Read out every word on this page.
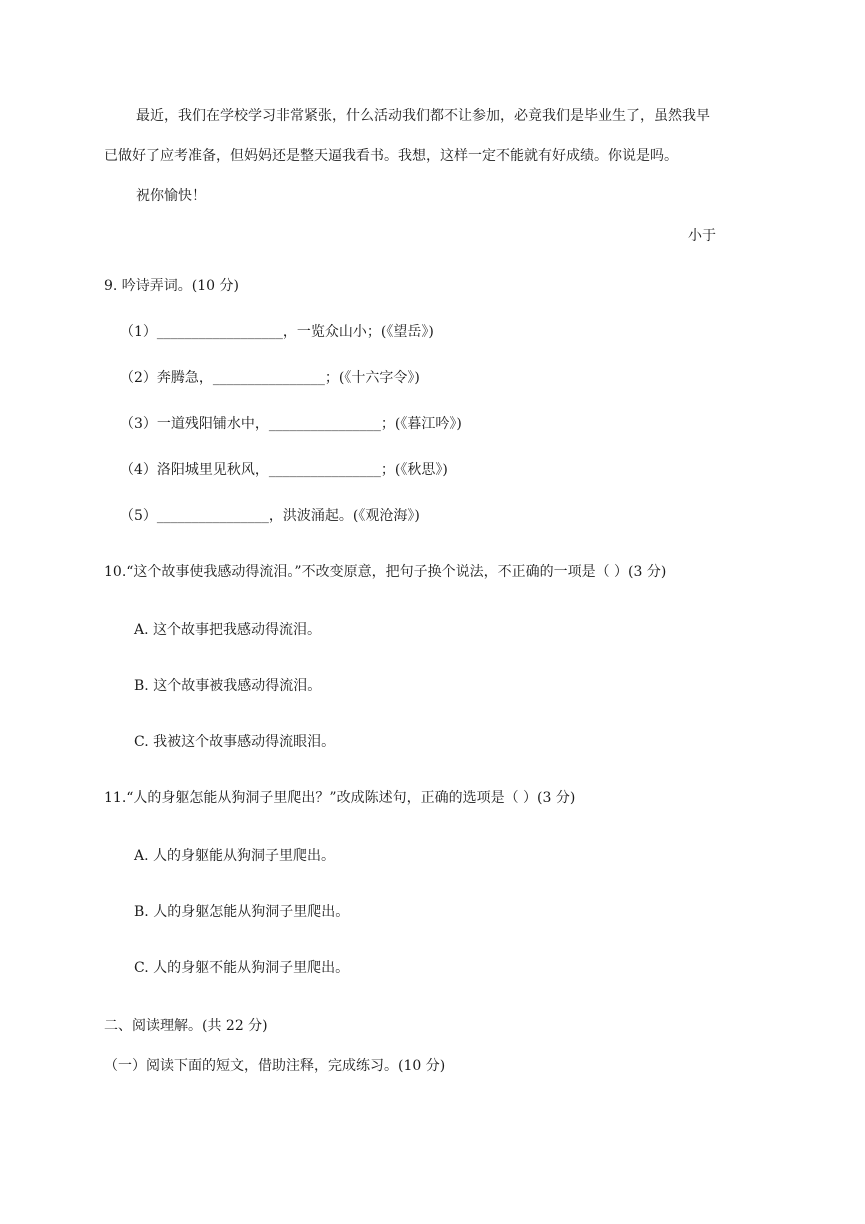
最近，我们在学校学习非常紧张，什么活动我们都不让参加，必竟我们是毕业生了，虽然我早
已做好了应考准备，但妈妈还是整天逼我看书。我想，这样一定不能就有好成绩。你说是吗。
祝你愉快！
小于
9. 吟诗弄词。(10 分)
（1）__________________，一览众山小；(《望岳》)
（2）奔腾急，________________；(《十六字令》)
（3）一道残阳铺水中，________________；(《暮江吟》)
（4）洛阳城里见秋风，________________；(《秋思》)
（5）________________，洪波涌起。(《观沧海》)
10.“这个故事使我感动得流泪。”不改变原意，把句子换个说法，不正确的一项是（ ）(3 分)
A. 这个故事把我感动得流泪。
B. 这个故事被我感动得流泪。
C. 我被这个故事感动得流眼泪。
11.“人的身躯怎能从狗洞子里爬出？”改成陈述句，正确的选项是（ ）(3 分)
A. 人的身躯能从狗洞子里爬出。
B. 人的身躯怎能从狗洞子里爬出。
C. 人的身躯不能从狗洞子里爬出。
二、阅读理解。(共 22 分)
（一）阅读下面的短文，借助注释，完成练习。(10 分)
